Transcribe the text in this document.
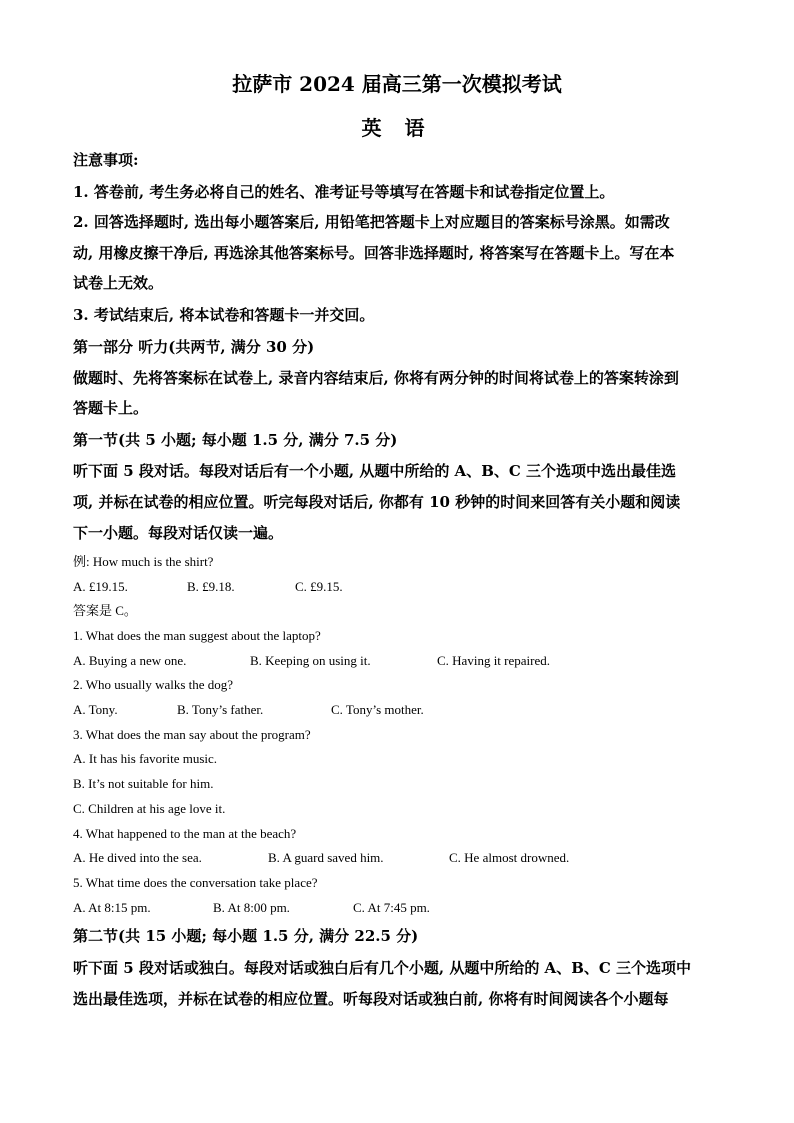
拉萨市 2024 届高三第一次模拟考试
英 语
注意事项:
1. 答卷前, 考生务必将自己的姓名、准考证号等填写在答题卡和试卷指定位置上。
2. 回答选择题时, 选出每小题答案后, 用铅笔把答题卡上对应题目的答案标号涂黑。如需改
动, 用橡皮擦干净后, 再选涂其他答案标号。回答非选择题时, 将答案写在答题卡上。写在本
试卷上无效。
3. 考试结束后, 将本试卷和答题卡一并交回。
第一部分 听力(共两节, 满分 30 分)
做题时、先将答案标在试卷上, 录音内容结束后, 你将有两分钟的时间将试卷上的答案转涂到
答题卡上。
第一节(共 5 小题; 每小题 1.5 分, 满分 7.5 分)
听下面 5 段对话。每段对话后有一个小题, 从题中所给的 A、B、C 三个选项中选出最佳选
项, 并标在试卷的相应位置。听完每段对话后, 你都有 10 秒钟的时间来回答有关小题和阅读
下一小题。每段对话仅读一遍。
例: How much is the shirt?
A. £19.15.	B. £9.18.	C. £9.15.
答案是 C。
1. What does the man suggest about the laptop?
A. Buying a new one.	B. Keeping on using it.	C. Having it repaired.
2. Who usually walks the dog?
A. Tony.	B. Tony’s father.	C. Tony’s mother.
3. What does the man say about the program?
A. It has his favorite music.
B. It’s not suitable for him.
C. Children at his age love it.
4. What happened to the man at the beach?
A. He dived into the sea.	B. A guard saved him.	C. He almost drowned.
5. What time does the conversation take place?
A. At 8:15 pm.	B. At 8:00 pm.	C. At 7:45 pm.
第二节(共 15 小题; 每小题 1.5 分, 满分 22.5 分)
听下面 5 段对话或独白。每段对话或独白后有几个小题, 从题中所给的 A、B、C 三个选项中
选出最佳选项，并标在试卷的相应位置。听每段对话或独白前, 你将有时间阅读各个小题每
